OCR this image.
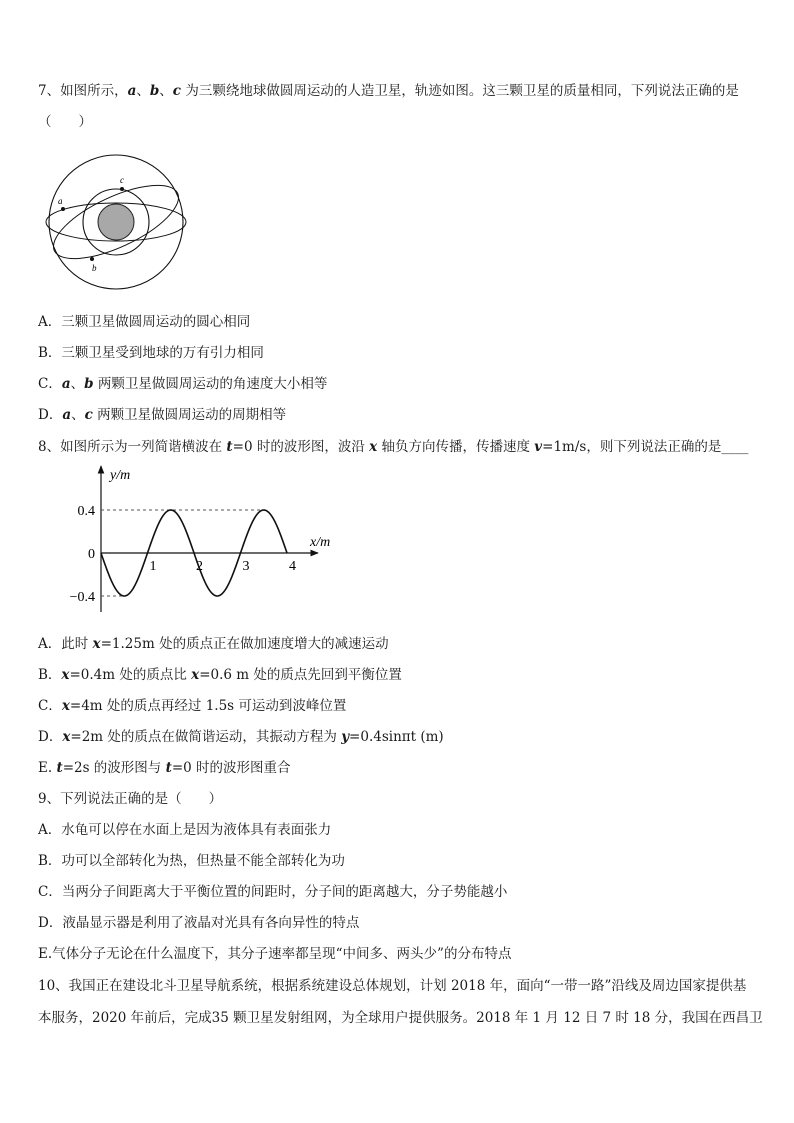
7、如图所示，a、b、c 为三颗绕地球做圆周运动的人造卫星，轨迹如图。这三颗卫星的质量相同，下列说法正确的是
（　　）
a
b
c
A．三颗卫星做圆周运动的圆心相同
B．三颗卫星受到地球的万有引力相同
C．a、b 两颗卫星做圆周运动的角速度大小相等
D．a、c 两颗卫星做圆周运动的周期相等
8、如图所示为一列简谐横波在 t=0 时的波形图，波沿 x 轴负方向传播，传播速度 v=1m/s，则下列说法正确的是____
y/m
x/m
1	2	3	4
0.4
0
−0.4
A．此时 x=1.25m 处的质点正在做加速度增大的减速运动
B．x=0.4m 处的质点比 x=0.6 m 处的质点先回到平衡位置
C．x=4m 处的质点再经过 1.5s 可运动到波峰位置
D．x=2m 处的质点在做简谐运动，其振动方程为 y=0.4sinπt (m)
E. t=2s 的波形图与 t=0 时的波形图重合
9、下列说法正确的是（　　）
A．水龟可以停在水面上是因为液体具有表面张力
B．功可以全部转化为热，但热量不能全部转化为功
C．当两分子间距离大于平衡位置的间距时，分子间的距离越大，分子势能越小
D．液晶显示器是利用了液晶对光具有各向异性的特点
E.气体分子无论在什么温度下，其分子速率都呈现“中间多、两头少”的分布特点
10、我国正在建设北斗卫星导航系统，根据系统建设总体规划，计划 2018 年，面向“一带一路”沿线及周边国家提供基
本服务，2020 年前后，完成35 颗卫星发射组网，为全球用户提供服务。2018 年 1 月 12 日 7 时 18 分，我国在西昌卫
